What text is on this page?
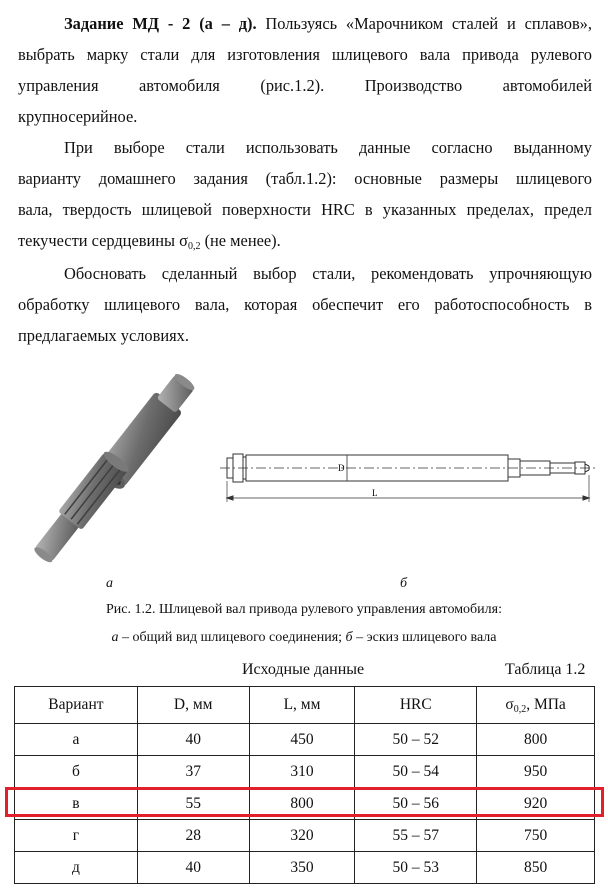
Задание МД - 2 (а – д). Пользуясь «Марочником сталей и сплавов»,
выбрать марку стали для изготовления шлицевого вала привода рулевого
управления автомобиля (рис.1.2). Производство автомобилей
крупносерийное.
При выборе стали использовать данные согласно выданному
варианту домашнего задания (табл.1.2): основные размеры шлицевого
вала, твердость шлицевой поверхности HRC в указанных пределах, предел
текучести сердцевины $\sigma_{0,2}$ (не менее).
Обосновать сделанный выбор стали, рекомендовать упрочняющую
обработку шлицевого вала, которая обеспечит его работоспособность в
предлагаемых условиях.
D
L
а	б
Рис. 1.2. Шлицевой вал привода рулевого управления автомобиля:
а – общий вид шлицевого соединения; б – эскиз шлицевого вала
Исходные данные	Таблица 1.2
Вариант	D, мм	L, мм	HRC	$\sigma_{0,2}$, МПа
а	40	450	50 – 52	800
б	37	310	50 – 54	950
в	55	800	50 – 56	920
г	28	320	55 – 57	750
д	40	350	50 – 53	850
